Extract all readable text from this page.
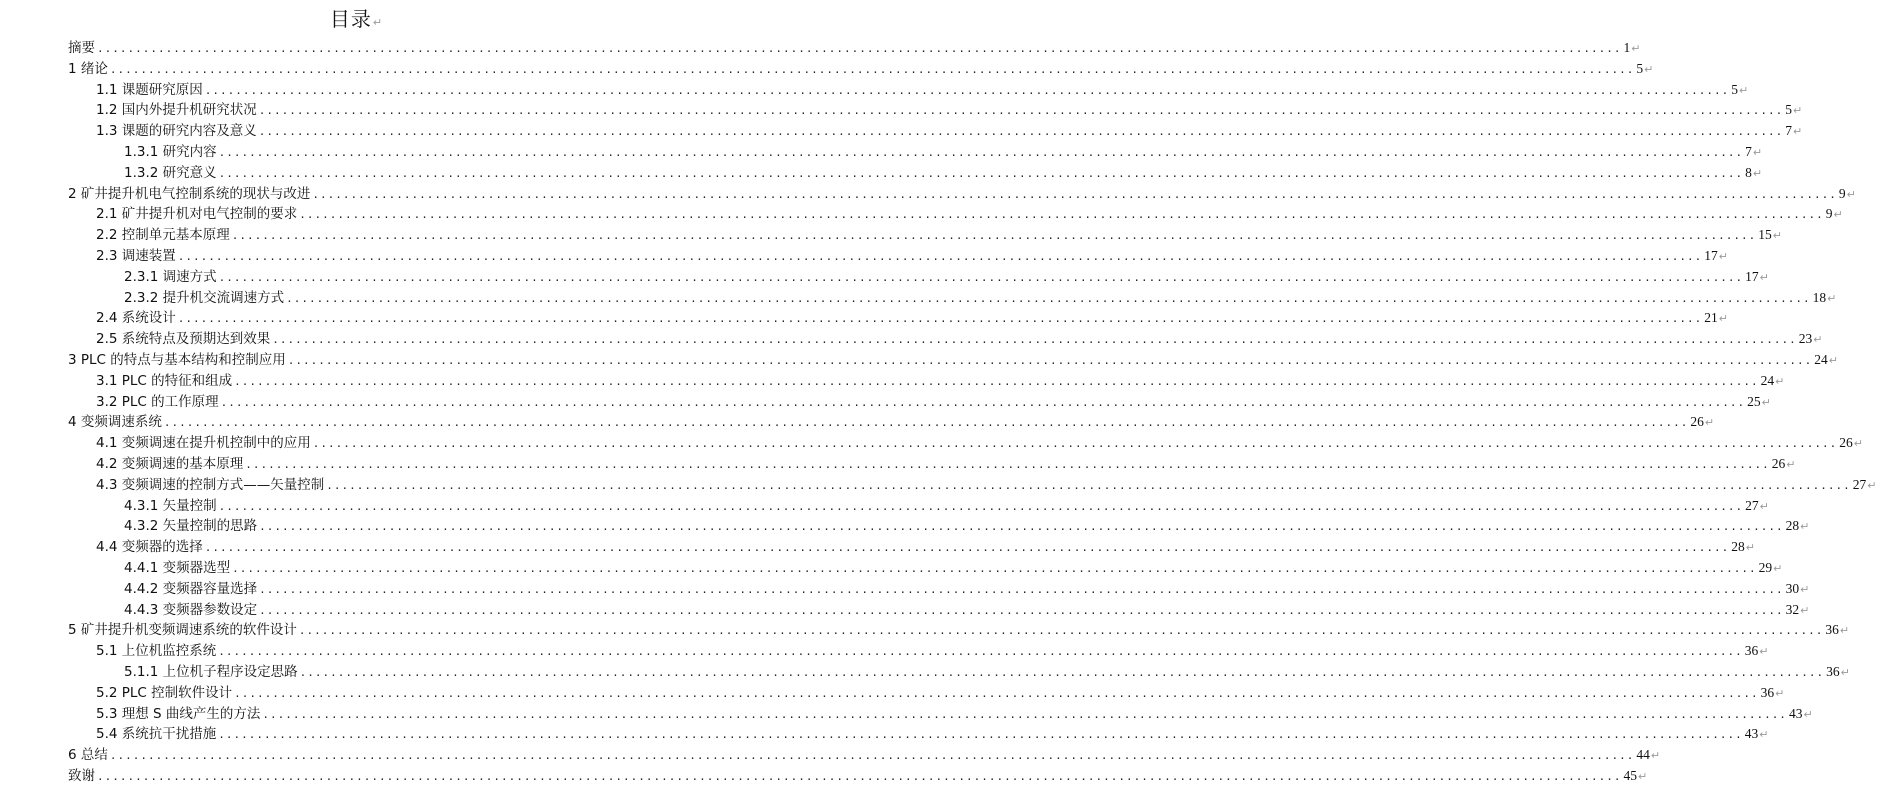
目录↵
摘要 ........................................................................................................................................................................................................ 1 ↵
1 绪论 ........................................................................................................................................................................................................ 5 ↵
1.1 课题研究原因 ........................................................................................................................................................................................................ 5 ↵
1.2 国内外提升机研究状况 ........................................................................................................................................................................................................ 5 ↵
1.3 课题的研究内容及意义 ........................................................................................................................................................................................................ 7 ↵
1.3.1 研究内容 ........................................................................................................................................................................................................ 7 ↵
1.3.2 研究意义 ........................................................................................................................................................................................................ 8 ↵
2 矿井提升机电气控制系统的现状与改进 ........................................................................................................................................................................................................ 9 ↵
2.1 矿井提升机对电气控制的要求 ........................................................................................................................................................................................................ 9 ↵
2.2 控制单元基本原理 ........................................................................................................................................................................................................ 15 ↵
2.3 调速装置 ........................................................................................................................................................................................................ 17 ↵
2.3.1 调速方式 ........................................................................................................................................................................................................ 17 ↵
2.3.2 提升机交流调速方式 ........................................................................................................................................................................................................ 18 ↵
2.4 系统设计 ........................................................................................................................................................................................................ 21 ↵
2.5 系统特点及预期达到效果 ........................................................................................................................................................................................................ 23 ↵
3 PLC 的特点与基本结构和控制应用 ........................................................................................................................................................................................................ 24 ↵
3.1 PLC 的特征和组成 ........................................................................................................................................................................................................ 24 ↵
3.2 PLC 的工作原理 ........................................................................................................................................................................................................ 25 ↵
4 变频调速系统 ........................................................................................................................................................................................................ 26 ↵
4.1 变频调速在提升机控制中的应用 ........................................................................................................................................................................................................ 26 ↵
4.2 变频调速的基本原理 ........................................................................................................................................................................................................ 26 ↵
4.3 变频调速的控制方式——矢量控制 ........................................................................................................................................................................................................ 27 ↵
4.3.1 矢量控制 ........................................................................................................................................................................................................ 27 ↵
4.3.2 矢量控制的思路 ........................................................................................................................................................................................................ 28 ↵
4.4 变频器的选择 ........................................................................................................................................................................................................ 28 ↵
4.4.1 变频器选型 ........................................................................................................................................................................................................ 29 ↵
4.4.2 变频器容量选择 ........................................................................................................................................................................................................ 30 ↵
4.4.3 变频器参数设定 ........................................................................................................................................................................................................ 32 ↵
5 矿井提升机变频调速系统的软件设计 ........................................................................................................................................................................................................ 36 ↵
5.1 上位机监控系统 ........................................................................................................................................................................................................ 36 ↵
5.1.1 上位机子程序设定思路 ........................................................................................................................................................................................................ 36 ↵
5.2 PLC 控制软件设计 ........................................................................................................................................................................................................ 36 ↵
5.3 理想 S 曲线产生的方法 ........................................................................................................................................................................................................ 43 ↵
5.4 系统抗干扰措施 ........................................................................................................................................................................................................ 43 ↵
6 总结 ........................................................................................................................................................................................................ 44 ↵
致谢 ........................................................................................................................................................................................................ 45 ↵
